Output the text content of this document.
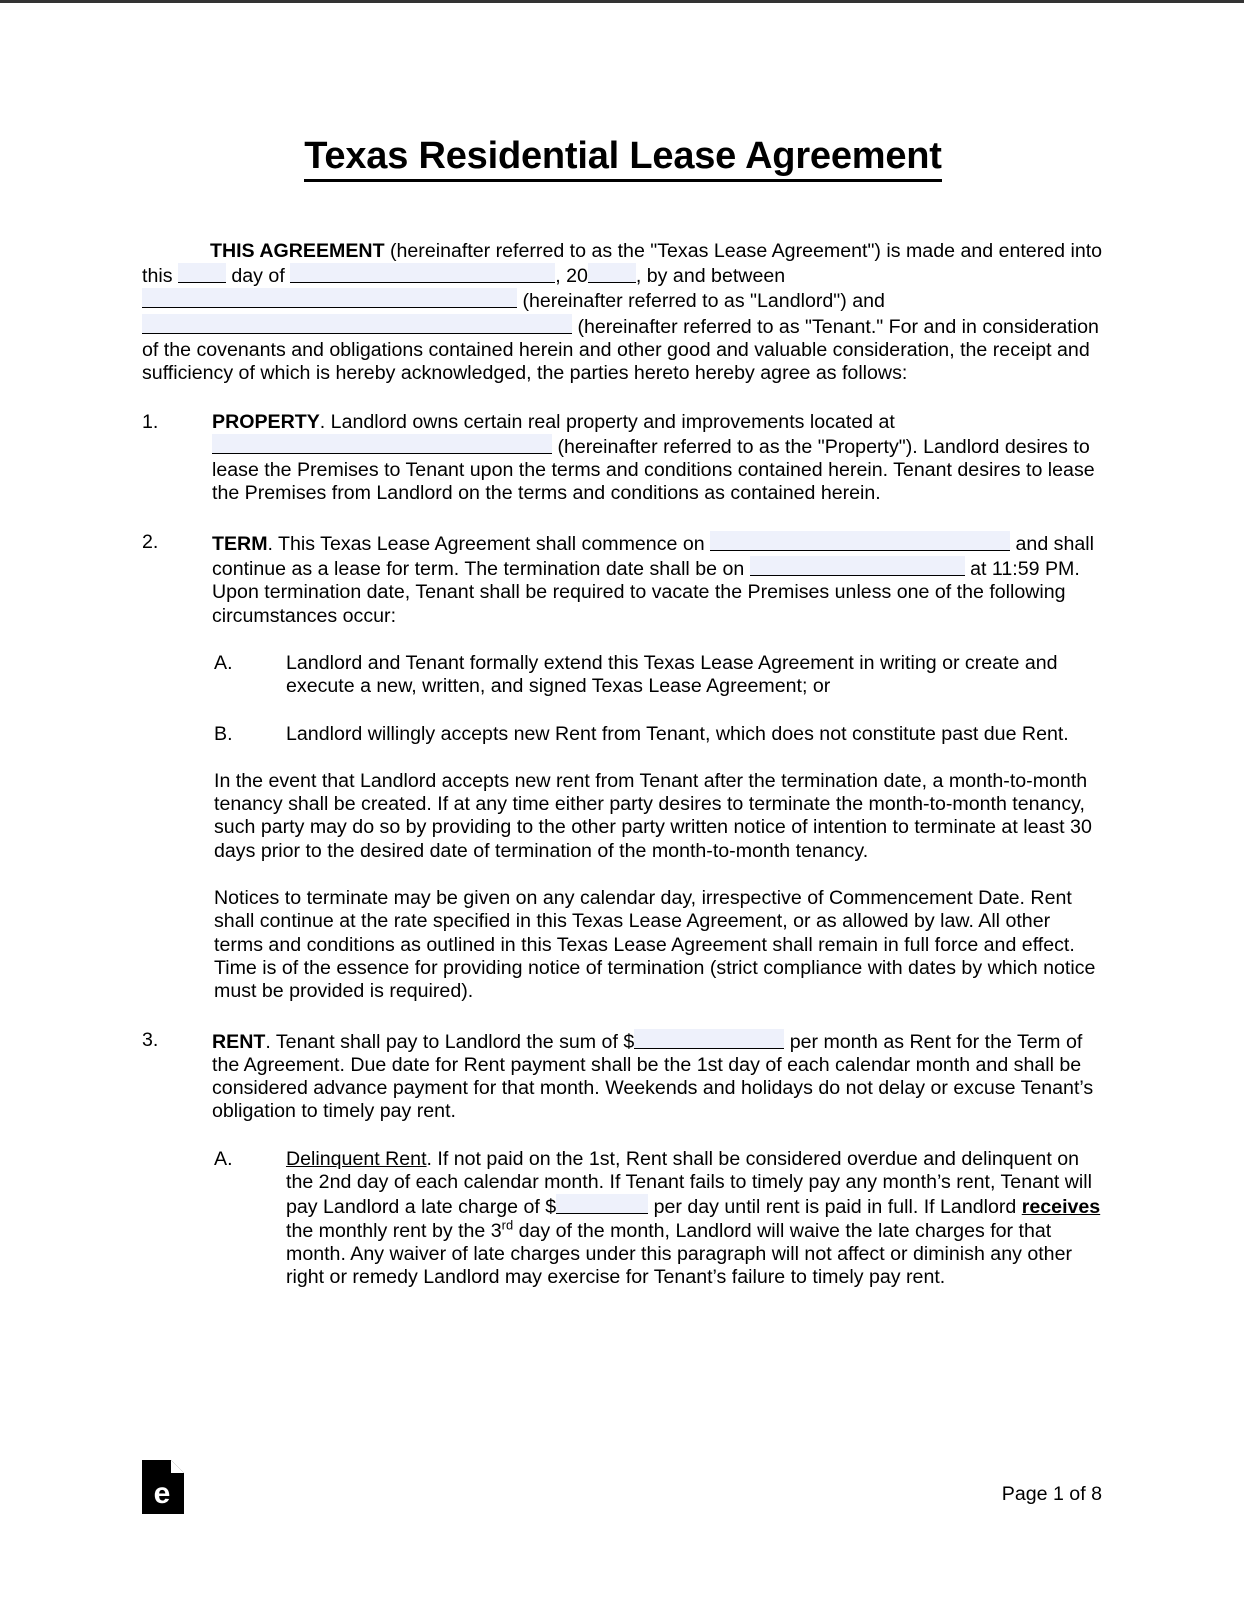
Texas Residential Lease Agreement

THIS AGREEMENT (hereinafter referred to as the "Texas Lease Agreement") is made and entered into this  day of	, 20 , by and between
(hereinafter referred to as "Landlord") and
(hereinafter referred to as "Tenant." For and in consideration of the covenants and obligations contained herein and other good and valuable consideration, the receipt and sufficiency of which is hereby acknowledged, the parties hereto hereby agree as follows:

1.	PROPERTY. Landlord owns certain real property and improvements located at
(hereinafter referred to as the "Property"). Landlord desires to lease the Premises to Tenant upon the terms and conditions contained herein. Tenant desires to lease the Premises from Landlord on the terms and conditions as contained herein.
2.	TERM. This Texas Lease Agreement shall commence on	and shall continue as a lease for term. The termination date shall be on	at 11:59 PM. Upon termination date, Tenant shall be required to vacate the Premises unless one of the following circumstances occur:
A.	Landlord and Tenant formally extend this Texas Lease Agreement in writing or create and execute a new, written, and signed Texas Lease Agreement; or
B.	Landlord willingly accepts new Rent from Tenant, which does not constitute past due Rent.

In the event that Landlord accepts new rent from Tenant after the termination date, a month-to-month tenancy shall be created. If at any time either party desires to terminate the month-to-month tenancy, such party may do so by providing to the other party written notice of intention to terminate at least 30 days prior to the desired date of termination of the month-to-month tenancy.

Notices to terminate may be given on any calendar day, irrespective of Commencement Date. Rent shall continue at the rate specified in this Texas Lease Agreement, or as allowed by law. All other terms and conditions as outlined in this Texas Lease Agreement shall remain in full force and effect. Time is of the essence for providing notice of termination (strict compliance with dates by which notice must be provided is required).

3.	RENT. Tenant shall pay to Landlord the sum of $	per month as Rent for the Term of the Agreement. Due date for Rent payment shall be the 1st day of each calendar month and shall be considered advance payment for that month. Weekends and holidays do not delay or excuse Tenant’s obligation to timely pay rent.
A.	Delinquent Rent. If not paid on the 1st, Rent shall be considered overdue and delinquent on the 2nd day of each calendar month. If Tenant fails to timely pay any month’s rent, Tenant will pay Landlord a late charge of $	per day until rent is paid in full. If Landlord receives the monthly rent by the 3rd day of the month, Landlord will waive the late charges for that month. Any waiver of late charges under this paragraph will not affect or diminish any other right or remedy Landlord may exercise for Tenant’s failure to timely pay rent.
e	Page 1 of 8
